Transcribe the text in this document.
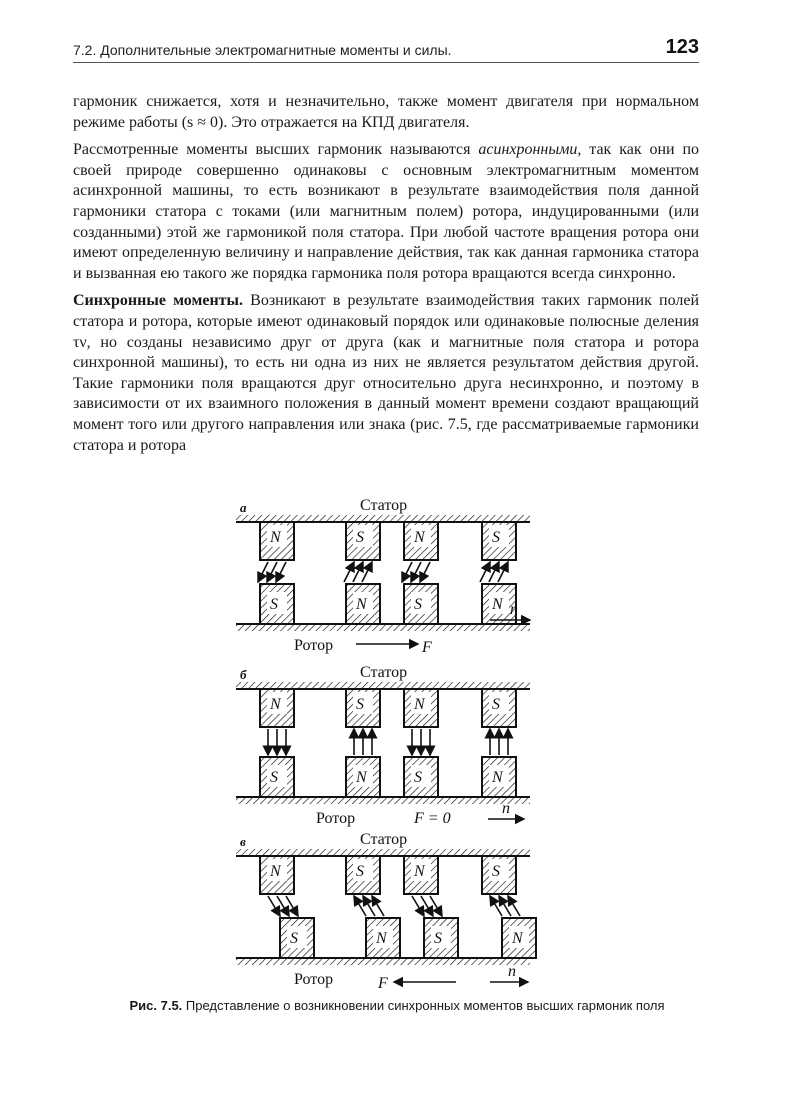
7.2. Дополнительные электромагнитные моменты и силы.	123

гармоник снижается, хотя и незначительно, также момент двигателя при нормальном режиме работы (s ≈ 0). Это отражается на КПД двигателя.

Рассмотренные моменты высших гармоник называются асинхронными, так как они по своей природе совершенно одинаковы с основным электромагнитным моментом асинхронной машины, то есть возникают в результате взаимодействия поля данной гармоники статора с токами (или магнитным полем) ротора, индуцированными (или созданными) этой же гармоникой поля статора. При любой частоте вращения ротора они имеют определенную величину и направление действия, так как данная гармоника статора и вызванная ею такого же порядка гармоника поля ротора вращаются всегда синхронно.

Синхронные моменты. Возникают в результате взаимодействия таких гармоник полей статора и ротора, которые имеют одинаковый порядок или одинаковые полюсные деления τν, но созданы независимо друг от друга (как и магнитные поля статора и ротора синхронной машины), то есть ни одна из них не является результатом действия другой. Такие гармоники поля вращаются друг относительно друга несинхронно, и поэтому в зависимости от их взаимного положения в данный момент времени создают вращающий момент того или другого направления или знака (рис. 7.5, где рассматриваемые гармоники статора и ротора

а	Статор
N	S	N	S
S	N	S	N
Ротор	F
n
б	Статор
N	S	N	S
S	N	S	N
Ротор	F = 0
n
в	Статор
N	S	N	S
S	N	S	N
Ротор	F
n
Рис. 7.5. Представление о возникновении синхронных моментов высших гармоник поля
